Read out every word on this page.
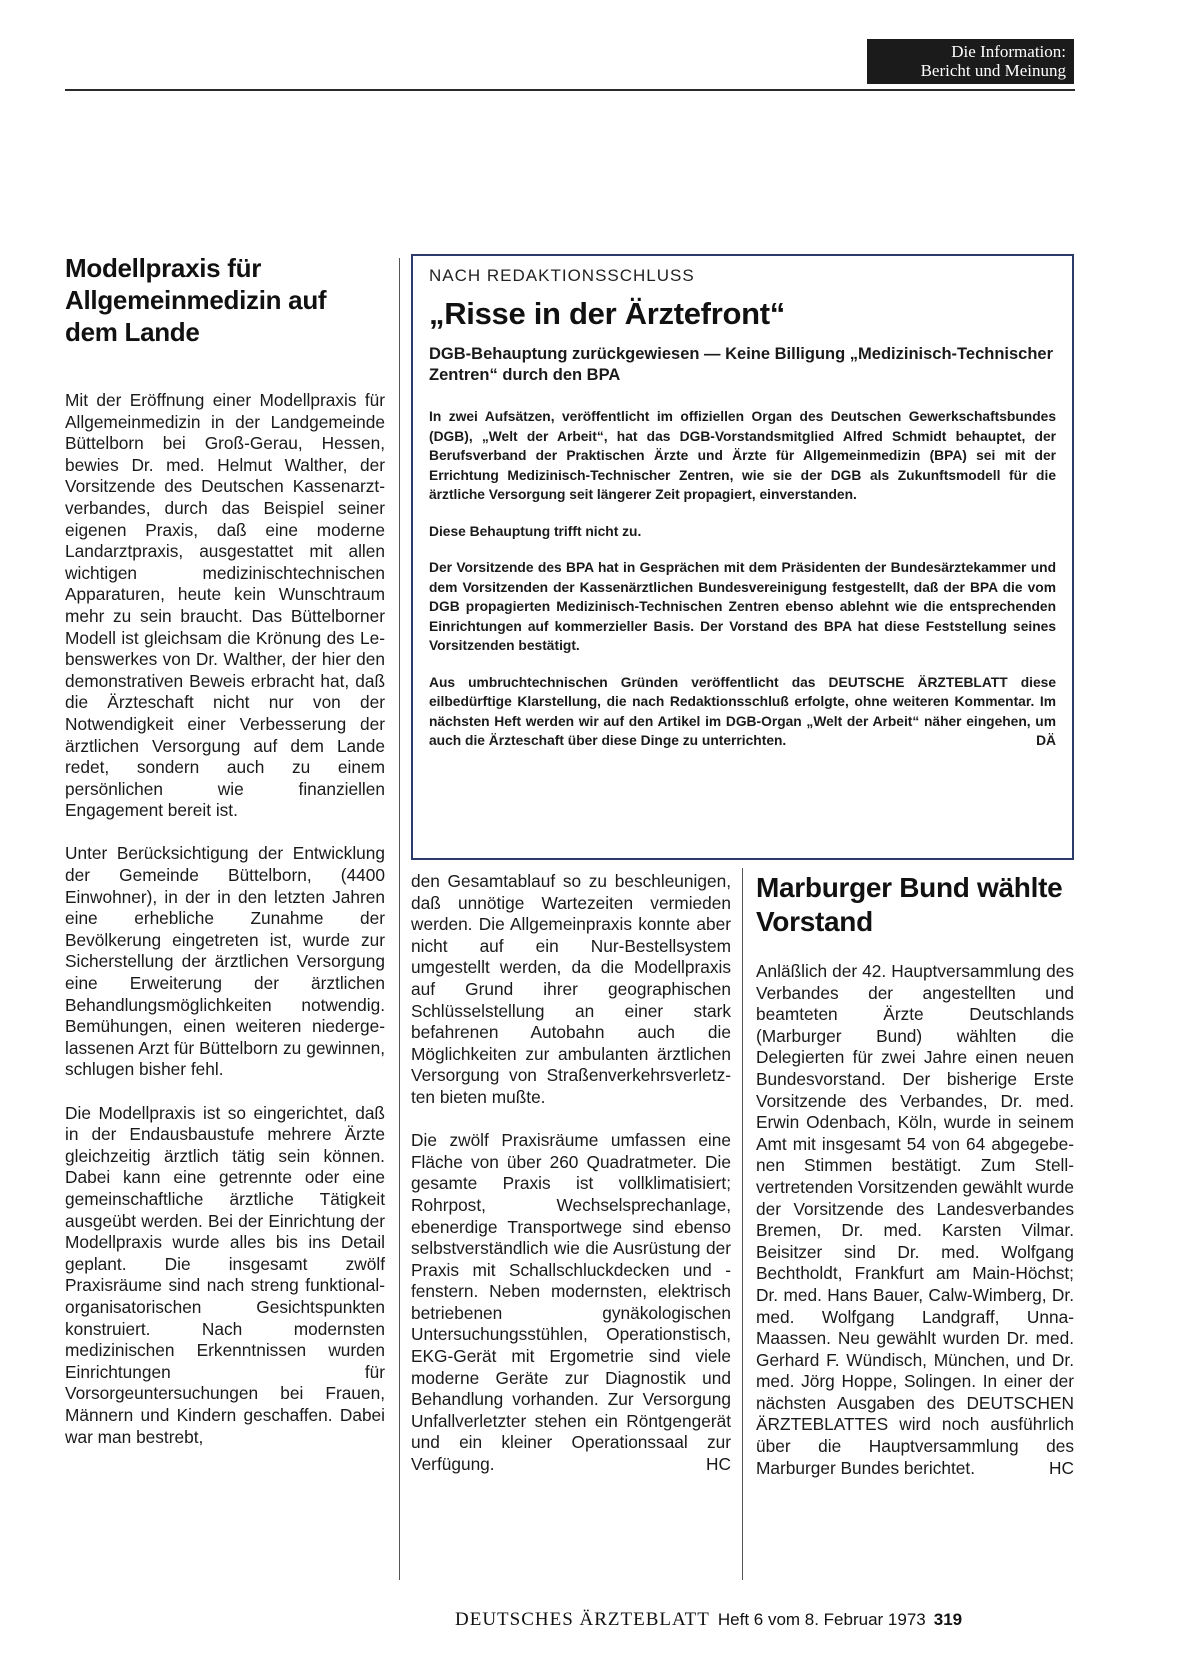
Die Information:
Bericht und Meinung
Modellpraxis für Allgemeinmedizin auf dem Lande

Mit der Eröffnung einer Modellpraxis für Allgemeinmedizin in der Landgemeinde Büttelborn bei Groß-Gerau, Hessen, bewies Dr. med. Helmut Walther, der Vorsitzende des Deutschen Kassenarztverbandes, durch das Beispiel seiner eigenen Praxis, daß eine moderne Landarztpraxis, ausgestattet mit allen wichtigen medizinischtechnischen Apparaturen, heute kein Wunschtraum mehr zu sein braucht. Das Büttelborner Modell ist gleichsam die Krönung des Lebenswerkes von Dr. Walther, der hier den demonstrativen Beweis erbracht hat, daß die Ärzteschaft nicht nur von der Notwendigkeit einer Verbesserung der ärztlichen Versorgung auf dem Lande redet, sondern auch zu einem persönlichen wie finanziellen Engagement bereit ist.

Unter Berücksichtigung der Entwicklung der Gemeinde Büttelborn, (4400 Einwohner), in der in den letzten Jahren eine erhebliche Zunahme der Bevölkerung eingetreten ist, wurde zur Sicherstellung der ärztlichen Versorgung eine Erweiterung der ärztlichen Behandlungsmöglichkeiten notwendig. Bemühungen, einen weiteren niedergelassenen Arzt für Büttelborn zu gewinnen, schlugen bisher fehl.

Die Modellpraxis ist so eingerichtet, daß in der Endausbaustufe mehrere Ärzte gleichzeitig ärztlich tätig sein können. Dabei kann eine getrennte oder eine gemeinschaftliche ärztliche Tätigkeit ausgeübt werden. Bei der Einrichtung der Modellpraxis wurde alles bis ins Detail geplant. Die insgesamt zwölf Praxisräume sind nach streng funktional-organisatorischen Gesichtspunkten konstruiert. Nach modernsten medizinischen Erkenntnissen wurden Einrichtungen für Vorsorgeuntersuchungen bei Frauen, Männern und Kindern geschaffen. Dabei war man bestrebt,

NACH REDAKTIONSSCHLUSS

„Risse in der Ärztefront“

DGB-Behauptung zurückgewiesen — Keine Billigung „Medizinisch-Technischer Zentren“ durch den BPA

In zwei Aufsätzen, veröffentlicht im offiziellen Organ des Deutschen Gewerkschaftsbundes (DGB), „Welt der Arbeit“, hat das DGB-Vorstandsmitglied Alfred Schmidt behauptet, der Berufsverband der Praktischen Ärzte und Ärzte für Allgemeinmedizin (BPA) sei mit der Errichtung Medizinisch-Technischer Zentren, wie sie der DGB als Zukunftsmodell für die ärztliche Versorgung seit längerer Zeit propagiert, einverstanden.

Diese Behauptung trifft nicht zu.

Der Vorsitzende des BPA hat in Gesprächen mit dem Präsidenten der Bundesärztekammer und dem Vorsitzenden der Kassenärztlichen Bundesvereinigung festgestellt, daß der BPA die vom DGB propagierten Medizinisch-Technischen Zentren ebenso ablehnt wie die entsprechenden Einrichtungen auf kommerzieller Basis. Der Vorstand des BPA hat diese Feststellung seines Vorsitzenden bestätigt.

Aus umbruchtechnischen Gründen veröffentlicht das DEUTSCHE ÄRZTEBLATT diese eilbedürftige Klarstellung, die nach Redaktionsschluß erfolgte, ohne weiteren Kommentar. Im nächsten Heft werden wir auf den Artikel im DGB-Organ „Welt der Arbeit“ näher eingehen, um auch die Ärzteschaft über diese Dinge zu unterrichten.	DÄ

den Gesamtablauf so zu beschleunigen, daß unnötige Wartezeiten vermieden werden. Die Allgemeinpraxis konnte aber nicht auf ein Nur-Bestellsystem umgestellt werden, da die Modellpraxis auf Grund ihrer geographischen Schlüsselstellung an einer stark befahrenen Autobahn auch die Möglichkeiten zur ambulanten ärztlichen Versorgung von Straßenverkehrsverletzten bieten mußte.

Die zwölf Praxisräume umfassen eine Fläche von über 260 Quadratmeter. Die gesamte Praxis ist vollklimatisiert; Rohrpost, Wechselsprechanlage, ebenerdige Transportwege sind ebenso selbstverständlich wie die Ausrüstung der Praxis mit Schallschluckdecken und -fenstern. Neben modernsten, elektrisch betriebenen gynäkologischen Untersuchungsstühlen, Operationstisch, EKG-Gerät mit Ergometrie sind viele moderne Geräte zur Diagnostik und Behandlung vorhanden. Zur Versorgung Unfallverletzter stehen ein Röntgengerät und ein kleiner Operationssaal zur Verfügung.	HC

Marburger Bund wählte Vorstand

Anläßlich der 42. Hauptversammlung des Verbandes der angestellten und beamteten Ärzte Deutschlands (Marburger Bund) wählten die Delegierten für zwei Jahre einen neuen Bundesvorstand. Der bisherige Erste Vorsitzende des Verbandes, Dr. med. Erwin Odenbach, Köln, wurde in seinem Amt mit insgesamt 54 von 64 abgegebenen Stimmen bestätigt. Zum Stellvertretenden Vorsitzenden gewählt wurde der Vorsitzende des Landesverbandes Bremen, Dr. med. Karsten Vilmar. Beisitzer sind Dr. med. Wolfgang Bechtholdt, Frankfurt am Main-Höchst; Dr. med. Hans Bauer, Calw-Wimberg, Dr. med. Wolfgang Landgraff, Unna-Maassen. Neu gewählt wurden Dr. med. Gerhard F. Wündisch, München, und Dr. med. Jörg Hoppe, Solingen. In einer der nächsten Ausgaben des DEUTSCHEN ÄRZTEBLATTES wird noch ausführlich über die Hauptversammlung des Marburger Bundes berichtet.	HC

DEUTSCHES ÄRZTEBLATT Heft 6 vom 8. Februar 1973 319
